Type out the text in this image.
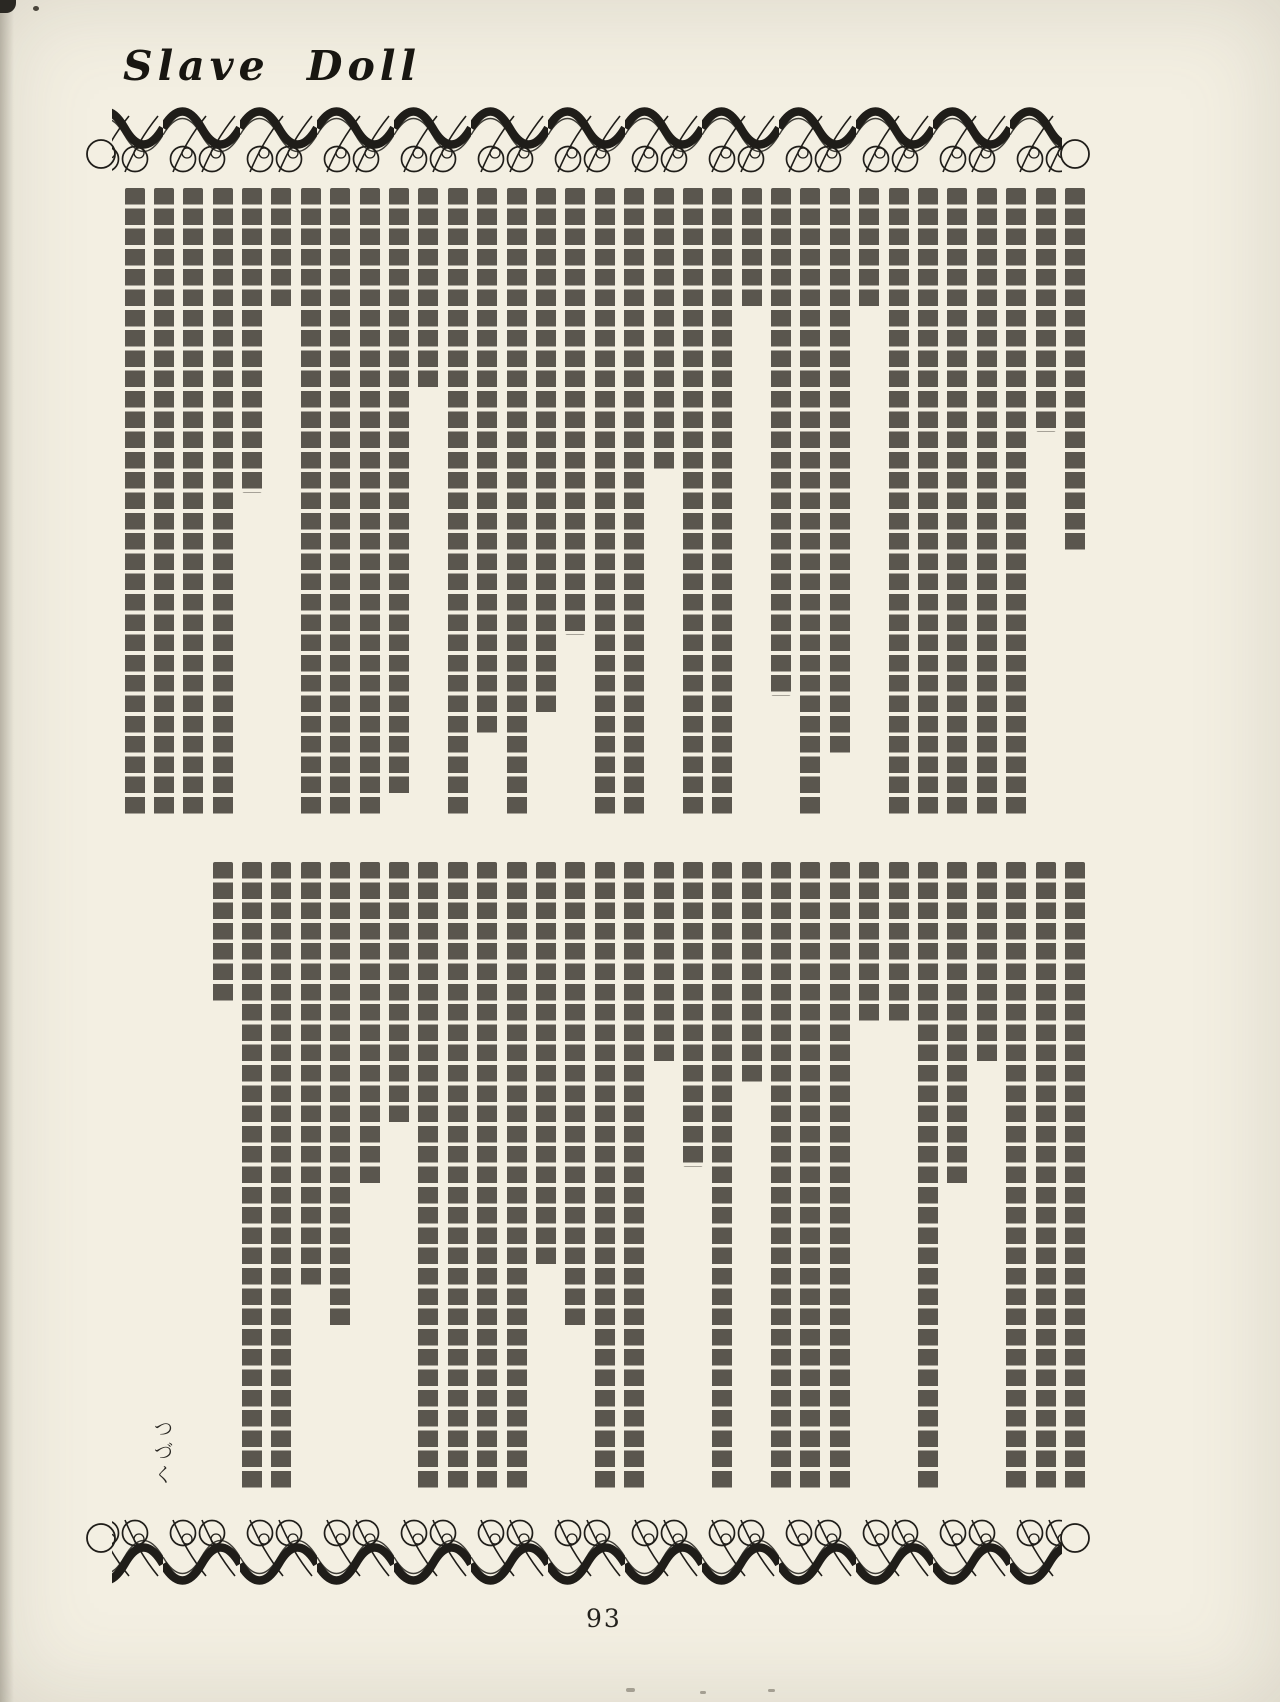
Slave Doll
つづく
93
